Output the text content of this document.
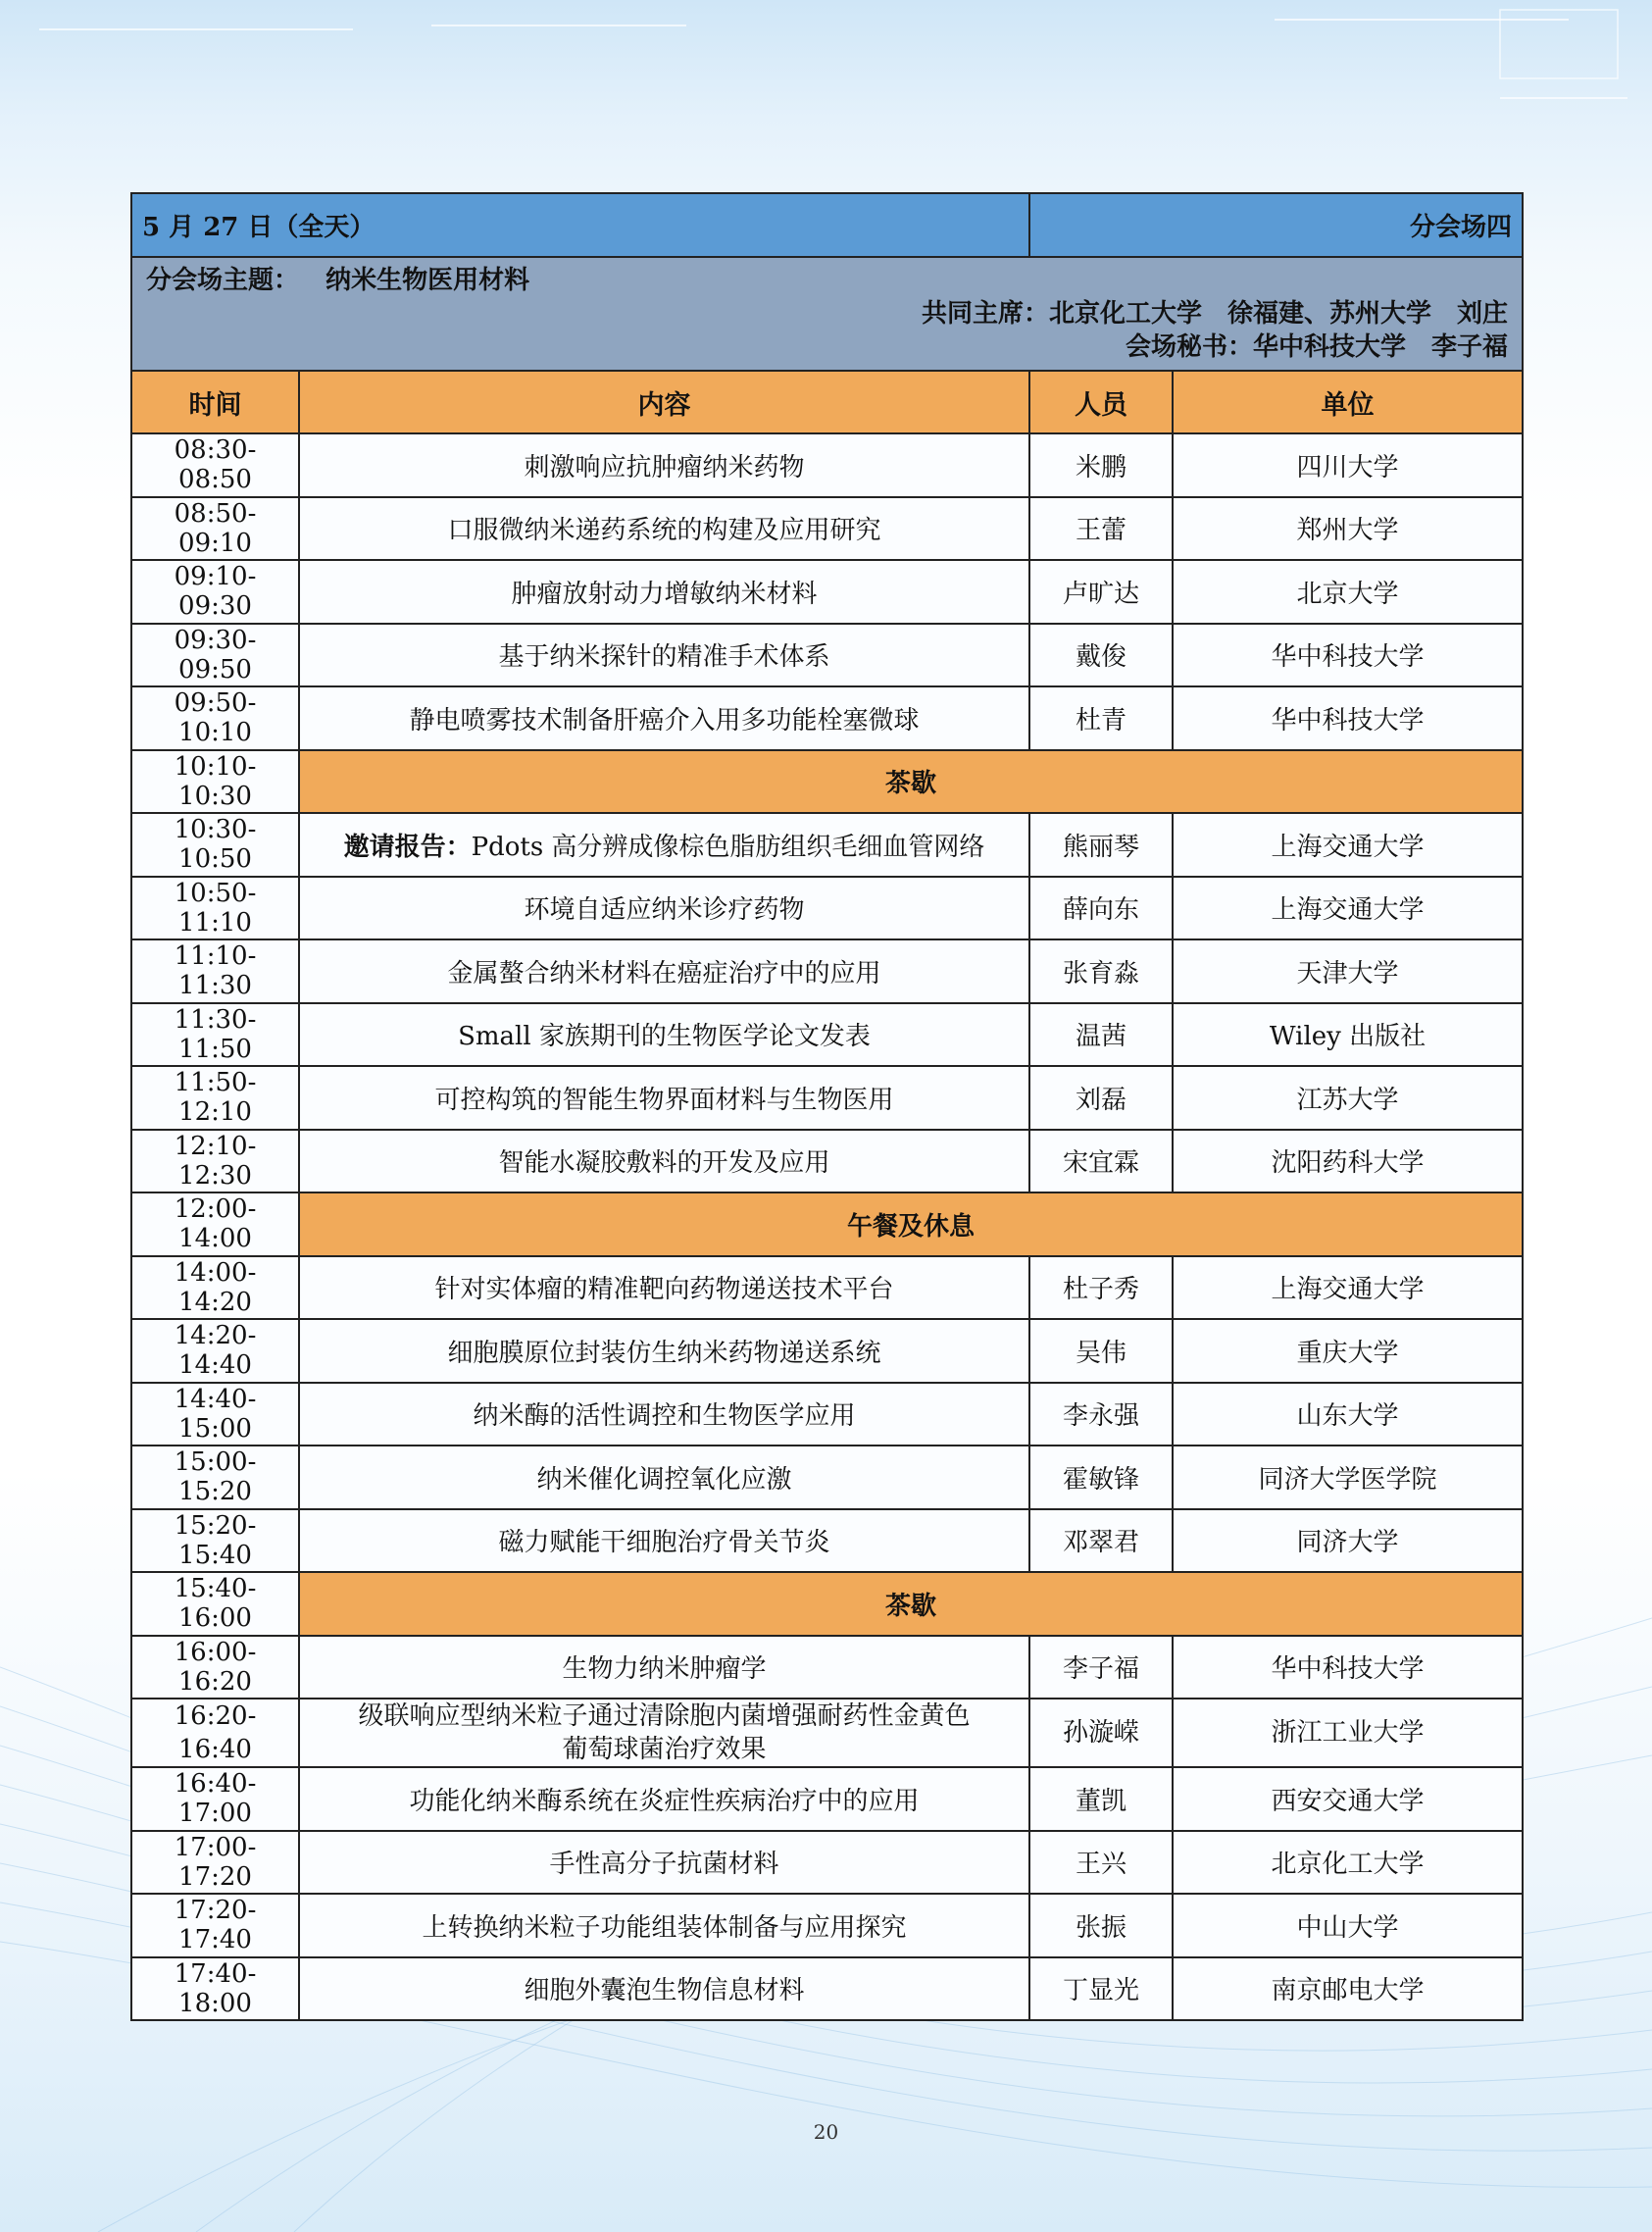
5 月 27 日（全天）		分会场四	

分会场主题： 纳米生物医用材料
共同主席：北京化工大学　徐福建、苏州大学　刘庄
会场秘书：华中科技大学　李子福			

时间	内容	人员	单位
08:30-08:50	刺激响应抗肿瘤纳米药物	米鹏	四川大学
08:50-09:10	口服微纳米递药系统的构建及应用研究	王蕾	郑州大学
09:10-09:30	肿瘤放射动力增敏纳米材料	卢旷达	北京大学
09:30-09:50	基于纳米探针的精准手术体系	戴俊	华中科技大学
09:50-10:10	静电喷雾技术制备肝癌介入用多功能栓塞微球	杜青	华中科技大学
10:10-10:30	茶歇		
10:30-10:50	邀请报告：Pdots 高分辨成像棕色脂肪组织毛细血管网络	熊丽琴	上海交通大学
10:50-11:10	环境自适应纳米诊疗药物	薛向东	上海交通大学
11:10-11:30	金属螯合纳米材料在癌症治疗中的应用	张育淼	天津大学
11:30-11:50	Small 家族期刊的生物医学论文发表	温茜	Wiley 出版社
11:50-12:10	可控构筑的智能生物界面材料与生物医用	刘磊	江苏大学
12:10-12:30	智能水凝胶敷料的开发及应用	宋宜霖	沈阳药科大学
12:00-14:00	午餐及休息		
14:00-14:20	针对实体瘤的精准靶向药物递送技术平台	杜子秀	上海交通大学
14:20-14:40	细胞膜原位封装仿生纳米药物递送系统	吴伟	重庆大学
14:40-15:00	纳米酶的活性调控和生物医学应用	李永强	山东大学
15:00-15:20	纳米催化调控氧化应激	霍敏锋	同济大学医学院
15:20-15:40	磁力赋能干细胞治疗骨关节炎	邓翠君	同济大学
15:40-16:00	茶歇		
16:00-16:20	生物力纳米肿瘤学	李子福	华中科技大学
16:20-16:40	级联响应型纳米粒子通过清除胞内菌增强耐药性金黄色
葡萄球菌治疗效果	孙漩嵘	浙江工业大学
16:40-17:00	功能化纳米酶系统在炎症性疾病治疗中的应用	董凯	西安交通大学
17:00-17:20	手性高分子抗菌材料	王兴	北京化工大学
17:20-17:40	上转换纳米粒子功能组装体制备与应用探究	张振	中山大学
17:40-18:00	细胞外囊泡生物信息材料	丁显光	南京邮电大学
20
